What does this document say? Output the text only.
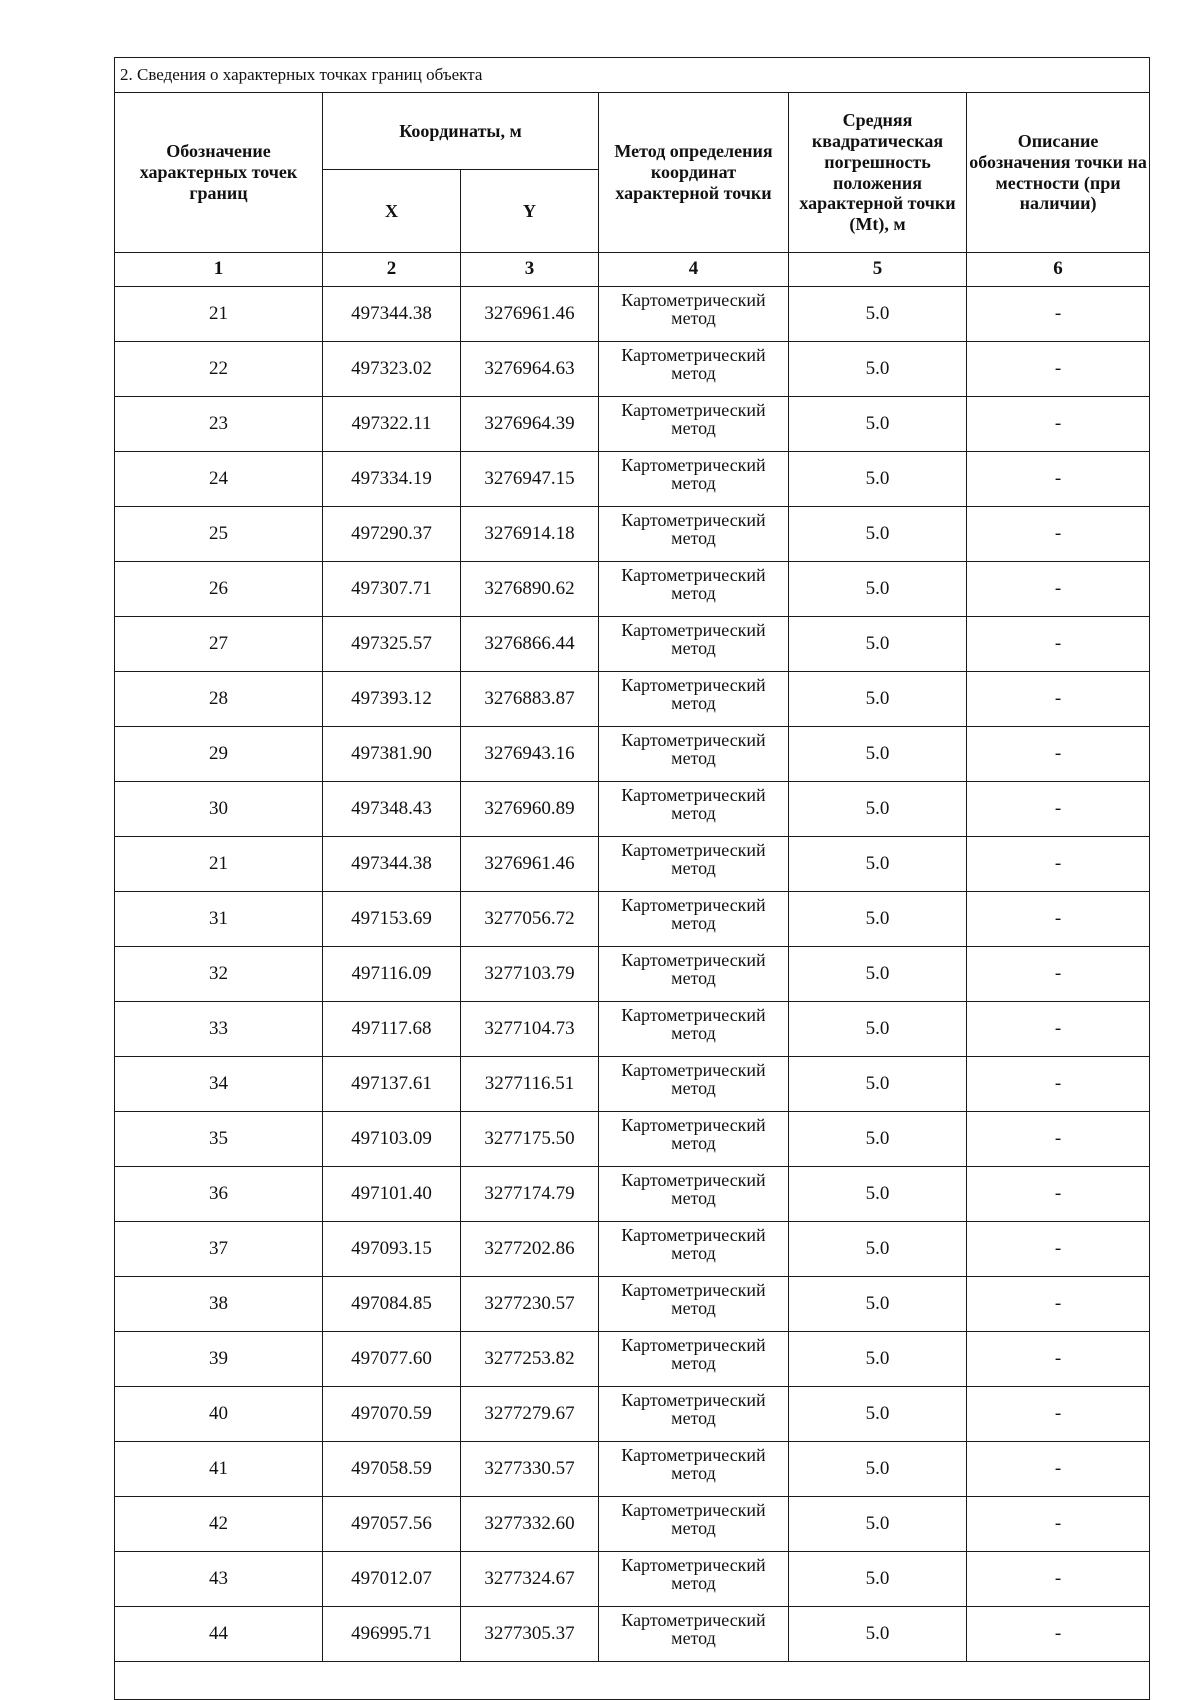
2. Сведения о характерных точках границ объекта					
Обозначение характерных точек границ	Координаты, м		Метод определения координат характерной точки	Средняя квадратическая погрешность положения характерной точки (Mt), м	Описание обозначения точки на местности (при наличии)
	X	Y			
1	2	3	4	5	6
21	497344.38	3276961.46	Картометрический метод	5.0	-
22	497323.02	3276964.63	Картометрический метод	5.0	-
23	497322.11	3276964.39	Картометрический метод	5.0	-
24	497334.19	3276947.15	Картометрический метод	5.0	-
25	497290.37	3276914.18	Картометрический метод	5.0	-
26	497307.71	3276890.62	Картометрический метод	5.0	-
27	497325.57	3276866.44	Картометрический метод	5.0	-
28	497393.12	3276883.87	Картометрический метод	5.0	-
29	497381.90	3276943.16	Картометрический метод	5.0	-
30	497348.43	3276960.89	Картометрический метод	5.0	-
21	497344.38	3276961.46	Картометрический метод	5.0	-
31	497153.69	3277056.72	Картометрический метод	5.0	-
32	497116.09	3277103.79	Картометрический метод	5.0	-
33	497117.68	3277104.73	Картометрический метод	5.0	-
34	497137.61	3277116.51	Картометрический метод	5.0	-
35	497103.09	3277175.50	Картометрический метод	5.0	-
36	497101.40	3277174.79	Картометрический метод	5.0	-
37	497093.15	3277202.86	Картометрический метод	5.0	-
38	497084.85	3277230.57	Картометрический метод	5.0	-
39	497077.60	3277253.82	Картометрический метод	5.0	-
40	497070.59	3277279.67	Картометрический метод	5.0	-
41	497058.59	3277330.57	Картометрический метод	5.0	-
42	497057.56	3277332.60	Картометрический метод	5.0	-
43	497012.07	3277324.67	Картометрический метод	5.0	-
44	496995.71	3277305.37	Картометрический метод	5.0	-
